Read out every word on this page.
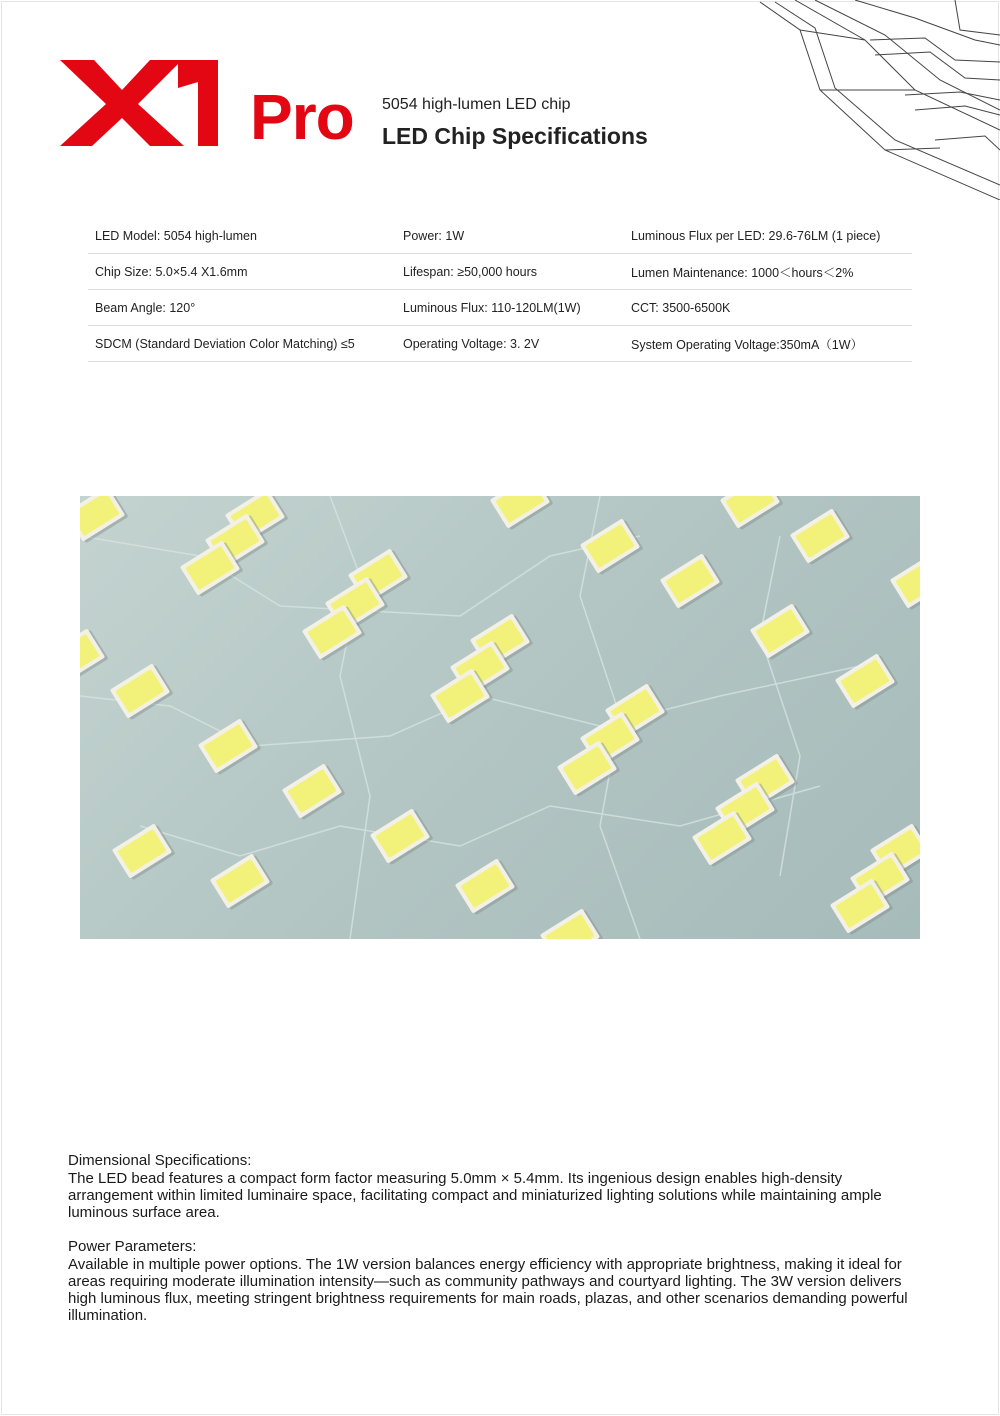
Pro 5054 high-lumen LED chip
LED Chip Specifications
LED Model: 5054 high-lumen	Power: 1W	Luminous Flux per LED: 29.6-76LM (1 piece)
Chip Size: 5.0×5.4 X1.6mm	Lifespan: ≥50,000 hours	Lumen Maintenance: 1000＜hours＜2%
Beam Angle: 120°	Luminous Flux: 110‑120LM(1W)	CCT: 3500‑6500K
SDCM (Standard Deviation Color Matching) ≤5	Operating Voltage: 3. 2V	System Operating Voltage:350mA（1W）

Dimensional Specifications:

The LED bead features a compact form factor measuring 5.0mm × 5.4mm. Its ingenious design enables high-density arrangement within limited luminaire space, facilitating compact and miniaturized lighting solutions while maintaining ample luminous surface area.

Power Parameters:

Available in multiple power options. The 1W version balances energy efficiency with appropriate brightness, making it ideal for areas requiring moderate illumination intensity—such as community pathways and courtyard lighting. The 3W version delivers high luminous flux, meeting stringent brightness requirements for main roads, plazas, and other scenarios demanding powerful illumination.
